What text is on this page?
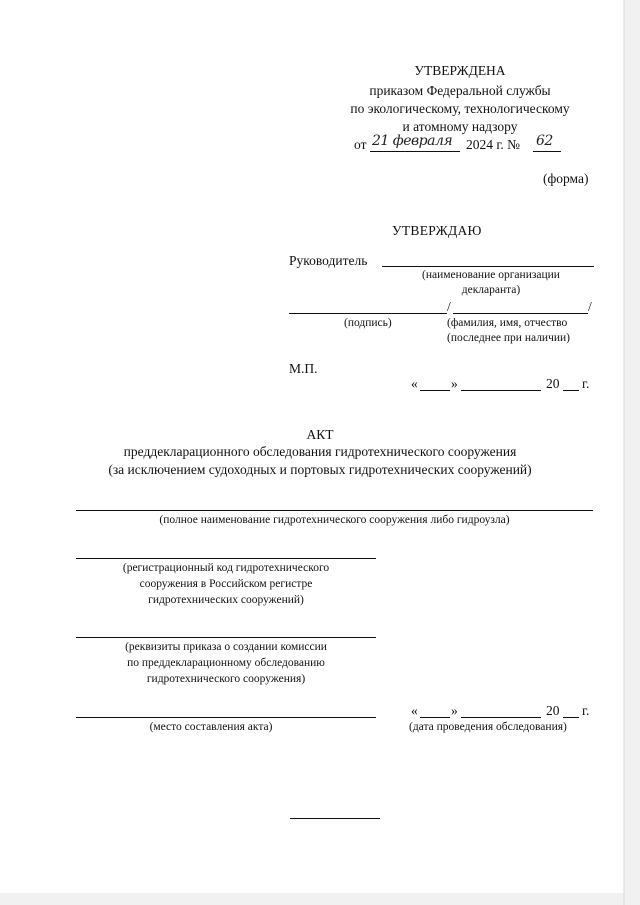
УТВЕРЖДЕНА
приказом Федеральной службы
по экологическому, технологическому
и атомному надзору
от 21 февраля 2024 г. № 62
(форма)
УТВЕРЖДАЮ
Руководитель
(наименование организации
декларанта)
/	/
(подпись)	(фамилия, имя, отчество
(последнее при наличии)
М.П.
« »	20 г.
АКТ
преддекларационного обследования гидротехнического сооружения
(за исключением судоходных и портовых гидротехнических сооружений)
(полное наименование гидротехнического сооружения либо гидроузла)
(регистрационный код гидротехнического
сооружения в Российском регистре
гидротехнических сооружений)
(реквизиты приказа о создании комиссии
по преддекларационному обследованию
гидротехнического сооружения)
(место составления акта)
« »	20 г.
(дата проведения обследования)
